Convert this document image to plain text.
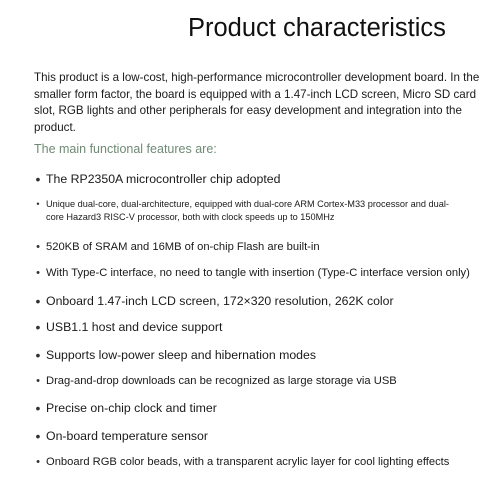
Product characteristics

This product is a low-cost, high-performance microcontroller development board. In the smaller form factor, the board is equipped with a 1.47-inch LCD screen, Micro SD card slot, RGB lights and other peripherals for easy development and integration into the product.

The main functional features are:
• The RP2350A microcontroller chip adopted
• Unique dual-core, dual-architecture, equipped with dual-core ARM Cortex-M33 processor and dual-core Hazard3 RISC-V processor, both with clock speeds up to 150MHz
• 520KB of SRAM and 16MB of on-chip Flash are built-in
• With Type-C interface, no need to tangle with insertion (Type-C interface version only)
• Onboard 1.47-inch LCD screen, 172×320 resolution, 262K color
• USB1.1 host and device support
• Supports low-power sleep and hibernation modes
• Drag-and-drop downloads can be recognized as large storage via USB
• Precise on-chip clock and timer
• On-board temperature sensor
• Onboard RGB color beads, with a transparent acrylic layer for cool lighting effects
